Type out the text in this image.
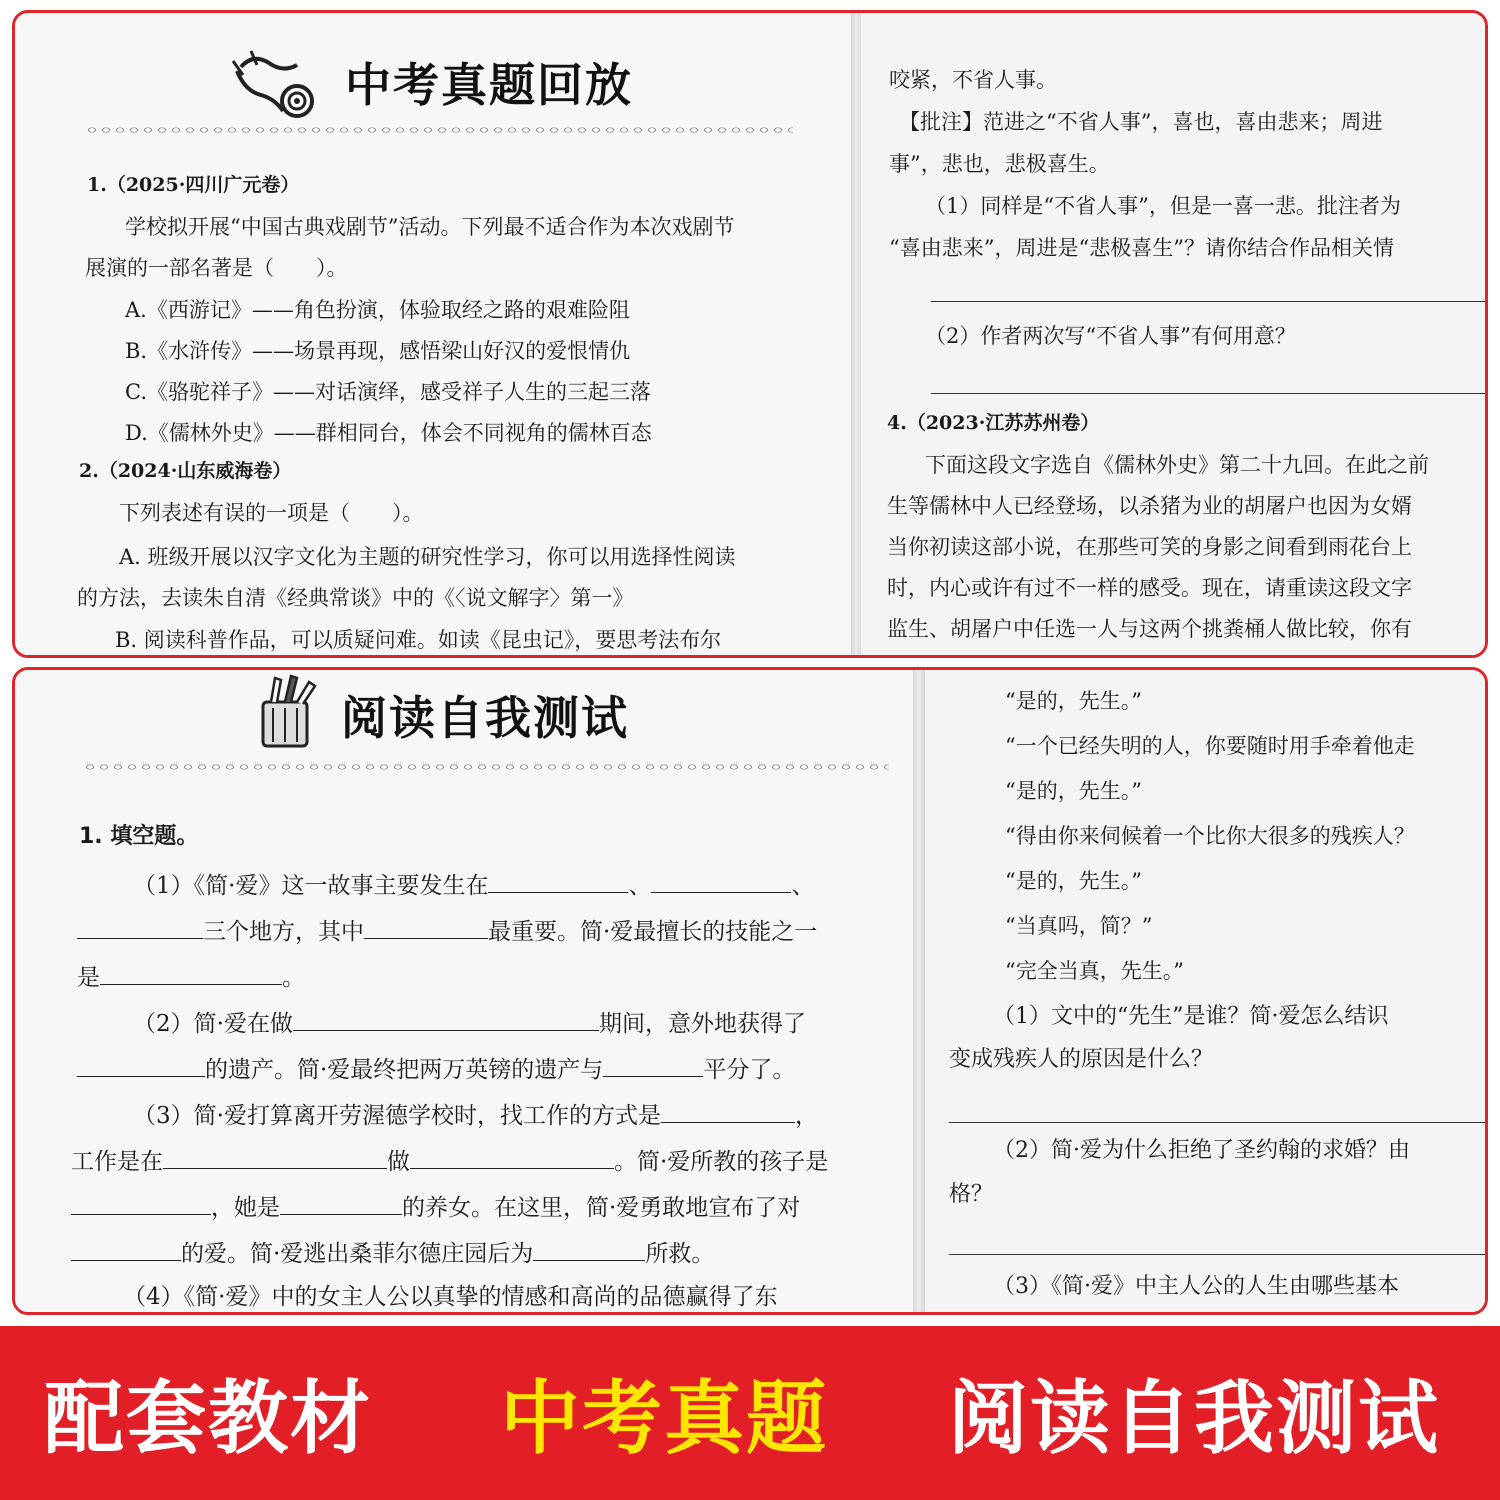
中考真题回放
1.（2025·四川广元卷）
学校拟开展“中国古典戏剧节”活动。下列最不适合作为本次戏剧节
展演的一部名著是（　　）。
A.《西游记》——角色扮演，体验取经之路的艰难险阻
B.《水浒传》——场景再现，感悟梁山好汉的爱恨情仇
C.《骆驼祥子》——对话演绎，感受祥子人生的三起三落
D.《儒林外史》——群相同台，体会不同视角的儒林百态
2.（2024·山东威海卷）
下列表述有误的一项是（　　）。
A. 班级开展以汉字文化为主题的研究性学习，你可以用选择性阅读
的方法，去读朱自清《经典常谈》中的《〈说文解字〉第一》
B. 阅读科普作品，可以质疑问难。如读《昆虫记》，要思考法布尔
咬紧，不省人事。
【批注】范进之“不省人事”，喜也，喜由悲来；周进
事”，悲也，悲极喜生。
（1）同样是“不省人事”，但是一喜一悲。批注者为
“喜由悲来”，周进是“悲极喜生”？请你结合作品相关情
（2）作者两次写“不省人事”有何用意？
4.（2023·江苏苏州卷）
下面这段文字选自《儒林外史》第二十九回。在此之前
生等儒林中人已经登场，以杀猪为业的胡屠户也因为女婿
当你初读这部小说，在那些可笑的身影之间看到雨花台上
时，内心或许有过不一样的感受。现在，请重读这段文字
监生、胡屠户中任选一人与这两个挑粪桶人做比较，你有
阅读自我测试
1. 填空题。
（1）《简·爱》这一故事主要发生在	、	、
三个地方，其中	最重要。简·爱最擅长的技能之一
是	。
（2）简·爱在做	期间，意外地获得了
的遗产。简·爱最终把两万英镑的遗产与	平分了。
（3）简·爱打算离开劳渥德学校时，找工作的方式是	，
工作是在	做	。简·爱所教的孩子是
，她是	的养女。在这里，简·爱勇敢地宣布了对
的爱。简·爱逃出桑菲尔德庄园后为	所救。
（4）《简·爱》中的女主人公以真挚的情感和高尚的品德赢得了东
“是的，先生。”
“一个已经失明的人，你要随时用手牵着他走
“是的，先生。”
“得由你来伺候着一个比你大很多的残疾人？
“是的，先生。”
“当真吗，简？”
“完全当真，先生。”
（1）文中的“先生”是谁？简·爱怎么结识
变成残疾人的原因是什么？
（2）简·爱为什么拒绝了圣约翰的求婚？由
格？
（3）《简·爱》中主人公的人生由哪些基本
配套教材 中考真题 阅读自我测试
